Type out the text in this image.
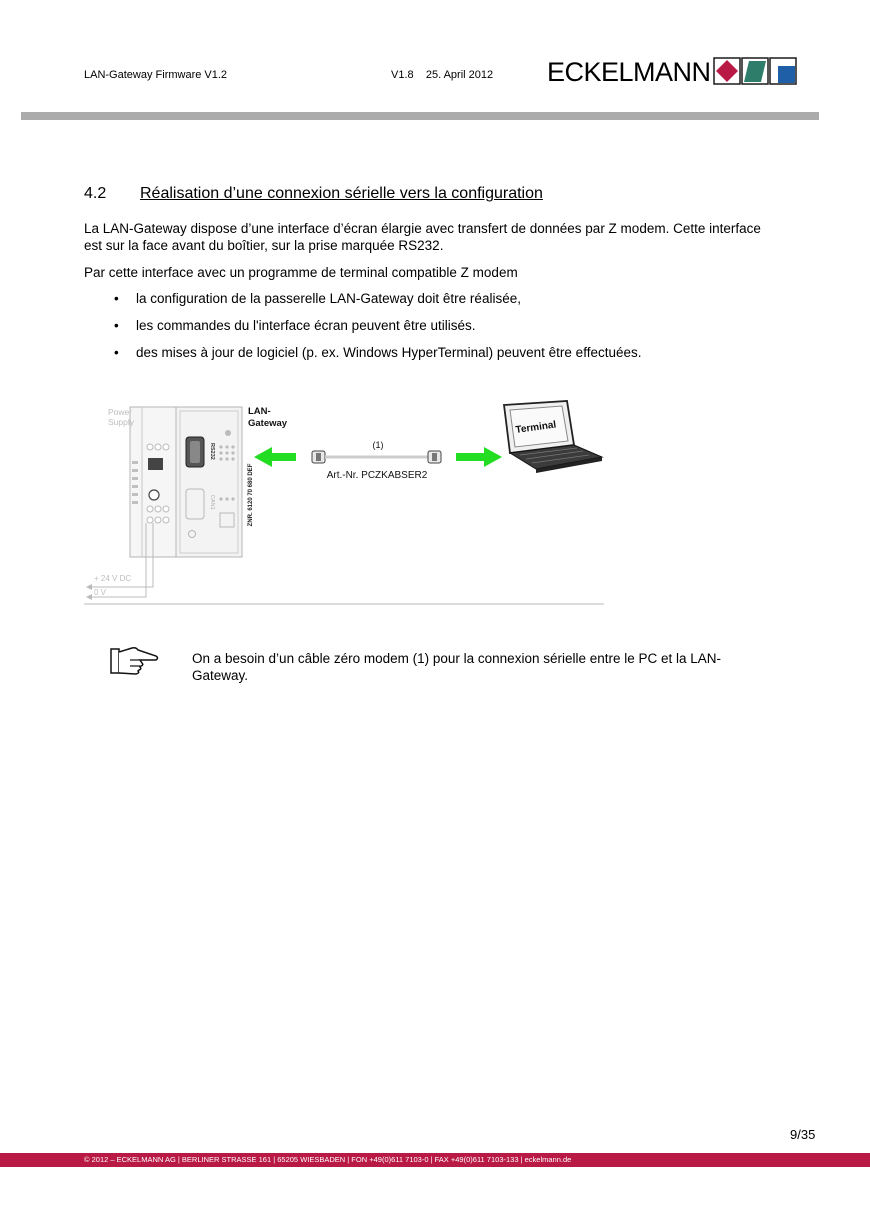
LAN-Gateway Firmware V1.2	V1.8    25. April 2012 ECKELMANN
4.2 Réalisation d’une connexion sérielle vers la configuration
La LAN-Gateway dispose d’une interface d’écran élargie avec transfert de données par Z modem. Cette interface est sur la face avant du boîtier, sur la prise marquée RS232.
Par cette interface avec un programme de terminal compatible Z modem
• la configuration de la passerelle LAN-Gateway doit être réalisée,
• les commandes du l'interface écran peuvent être utilisés.
• des mises à jour de logiciel (p. ex. Windows HyperTerminal) peuvent être effectuées.
Power
Supply
RS232
CAN1	ZNR. 6120 70 680 DEF
LAN-
Gateway
(1)
Art.-Nr. PCZKABSER2
Terminal
+ 24 V DC
0 V
On a besoin d’un câble zéro modem (1) pour la connexion sérielle entre le PC et la LAN-Gateway.
9/35
© 2012 – ECKELMANN AG | BERLINER STRASSE 161 | 65205 WIESBADEN | FON +49(0)611 7103-0 | FAX +49(0)611 7103-133 | eckelmann.de
